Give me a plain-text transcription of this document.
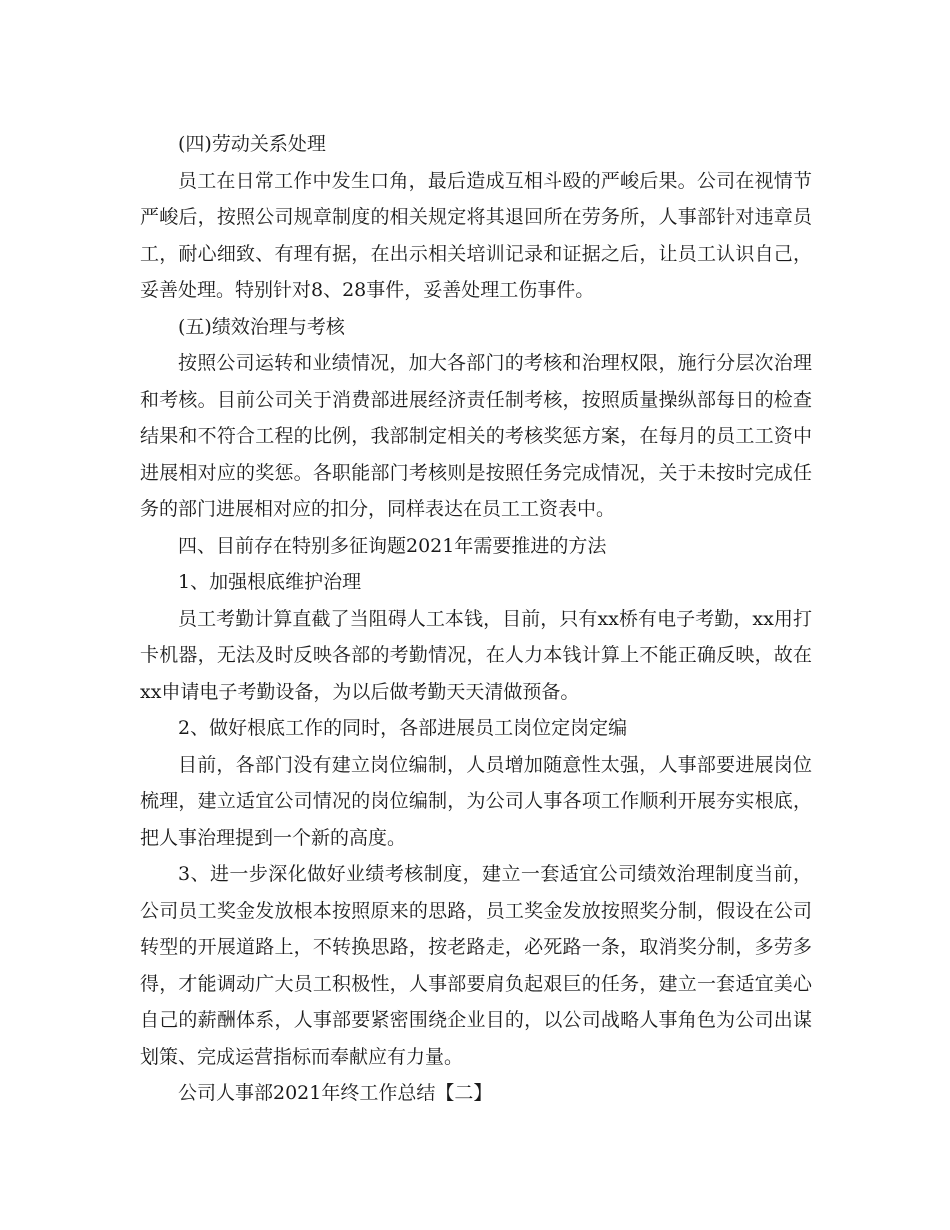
(四)劳动关系处理

员工在日常工作中发生口角，最后造成互相斗殴的严峻后果。公司在视情节严峻后，按照公司规章制度的相关规定将其退回所在劳务所，人事部针对违章员工，耐心细致、有理有据，在出示相关培训记录和证据之后，让员工认识自己，妥善处理。特别针对8、28事件，妥善处理工伤事件。

(五)绩效治理与考核

按照公司运转和业绩情况，加大各部门的考核和治理权限，施行分层次治理和考核。目前公司关于消费部进展经济责任制考核，按照质量操纵部每日的检查结果和不符合工程的比例，我部制定相关的考核奖惩方案，在每月的员工工资中进展相对应的奖惩。各职能部门考核则是按照任务完成情况，关于未按时完成任务的部门进展相对应的扣分，同样表达在员工工资表中。

四、目前存在特别多征询题2021年需要推进的方法

1、加强根底维护治理

员工考勤计算直截了当阻碍人工本钱，目前，只有xx桥有电子考勤，xx用打卡机器，无法及时反映各部的考勤情况，在人力本钱计算上不能正确反映，故在xx申请电子考勤设备，为以后做考勤天天清做预备。

2、做好根底工作的同时，各部进展员工岗位定岗定编

目前，各部门没有建立岗位编制，人员增加随意性太强，人事部要进展岗位梳理，建立适宜公司情况的岗位编制，为公司人事各项工作顺利开展夯实根底，把人事治理提到一个新的高度。

3、进一步深化做好业绩考核制度，建立一套适宜公司绩效治理制度当前，公司员工奖金发放根本按照原来的思路，员工奖金发放按照奖分制，假设在公司转型的开展道路上，不转换思路，按老路走，必死路一条，取消奖分制，多劳多得，才能调动广大员工积极性，人事部要肩负起艰巨的任务，建立一套适宜美心自己的薪酬体系，人事部要紧密围绕企业目的，以公司战略人事角色为公司出谋划策、完成运营指标而奉献应有力量。

公司人事部2021年终工作总结【二】
